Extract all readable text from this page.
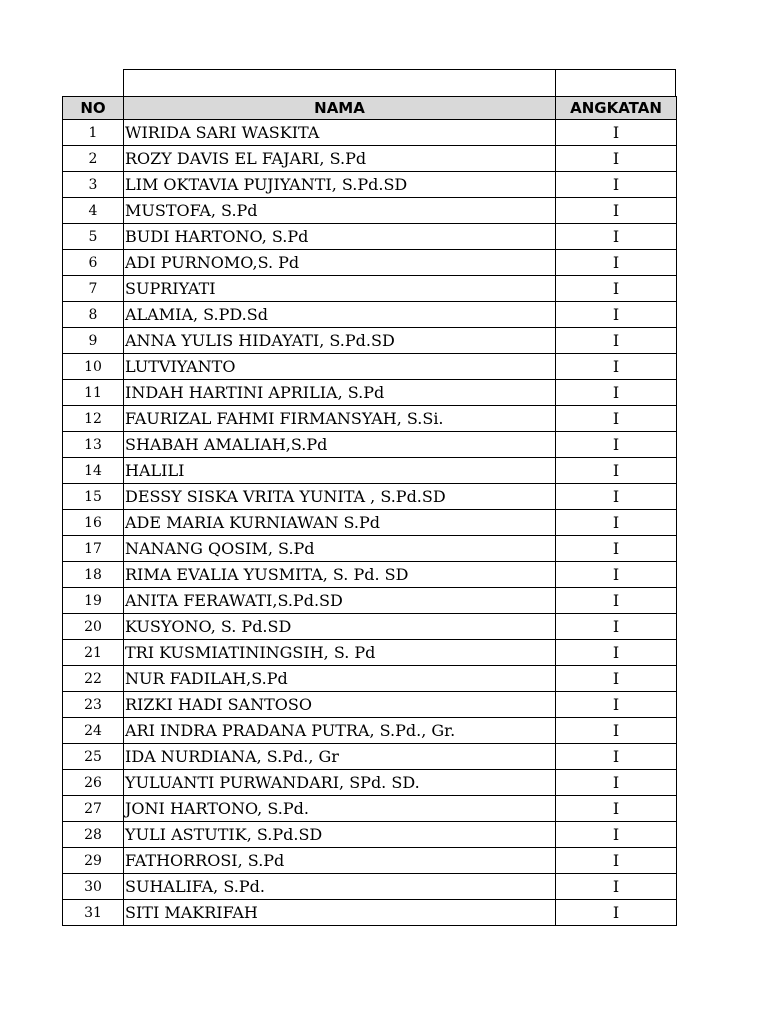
NO	NAMA	ANGKATAN
1	WIRIDA SARI WASKITA	I
2	ROZY DAVIS EL FAJARI, S.Pd	I
3	LIM OKTAVIA PUJIYANTI, S.Pd.SD	I
4	MUSTOFA, S.Pd	I
5	BUDI HARTONO, S.Pd	I
6	ADI PURNOMO,S. Pd	I
7	SUPRIYATI	I
8	ALAMIA, S.PD.Sd	I
9	ANNA YULIS HIDAYATI, S.Pd.SD	I
10	LUTVIYANTO	I
11	INDAH HARTINI APRILIA, S.Pd	I
12	FAURIZAL FAHMI FIRMANSYAH, S.Si.	I
13	SHABAH AMALIAH,S.Pd	I
14	HALILI	I
15	DESSY SISKA VRITA YUNITA , S.Pd.SD	I
16	ADE MARIA KURNIAWAN S.Pd	I
17	NANANG QOSIM, S.Pd	I
18	RIMA EVALIA YUSMITA, S. Pd. SD	I
19	ANITA FERAWATI,S.Pd.SD	I
20	KUSYONO, S. Pd.SD	I
21	TRI KUSMIATININGSIH, S. Pd	I
22	NUR FADILAH,S.Pd	I
23	RIZKI HADI SANTOSO	I
24	ARI INDRA PRADANA PUTRA, S.Pd., Gr.	I
25	IDA NURDIANA, S.Pd., Gr	I
26	YULUANTI PURWANDARI, SPd. SD.	I
27	JONI HARTONO, S.Pd.	I
28	YULI ASTUTIK, S.Pd.SD	I
29	FATHORROSI, S.Pd	I
30	SUHALIFA, S.Pd.	I
31	SITI MAKRIFAH	I
